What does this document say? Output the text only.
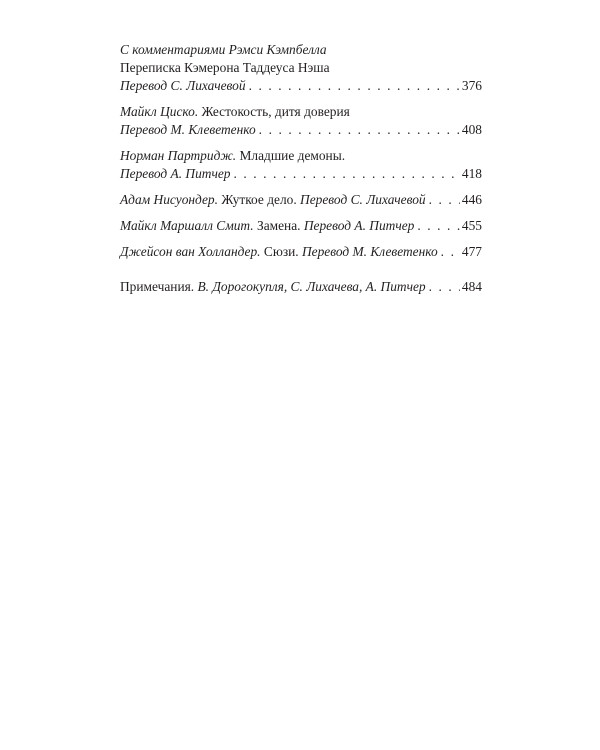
С комментариями Рэмси Кэмпбелла
Переписка Кэмерона Таддеуса Нэша
Перевод С. Лихачевой . . .	376
Майкл Циско.
Жестокость, дитя доверия
Перевод М. Клеветенко . . .	408
Норман Партридж.
Младшие демоны.
Перевод А. Питчер . . .	418
Адам Нисуондер.
Жуткое дело.
Перевод С. Лихачевой . . .	446
Майкл Маршалл Смит.
Замена.
Перевод А. Питчер . . .	455
Джейсон ван Холландер.
Сюзи.
Перевод М. Клеветенко . . . 477
Примечания.
В. Дорогокупля, С. Лихачева, А. Питчер . . .	484
